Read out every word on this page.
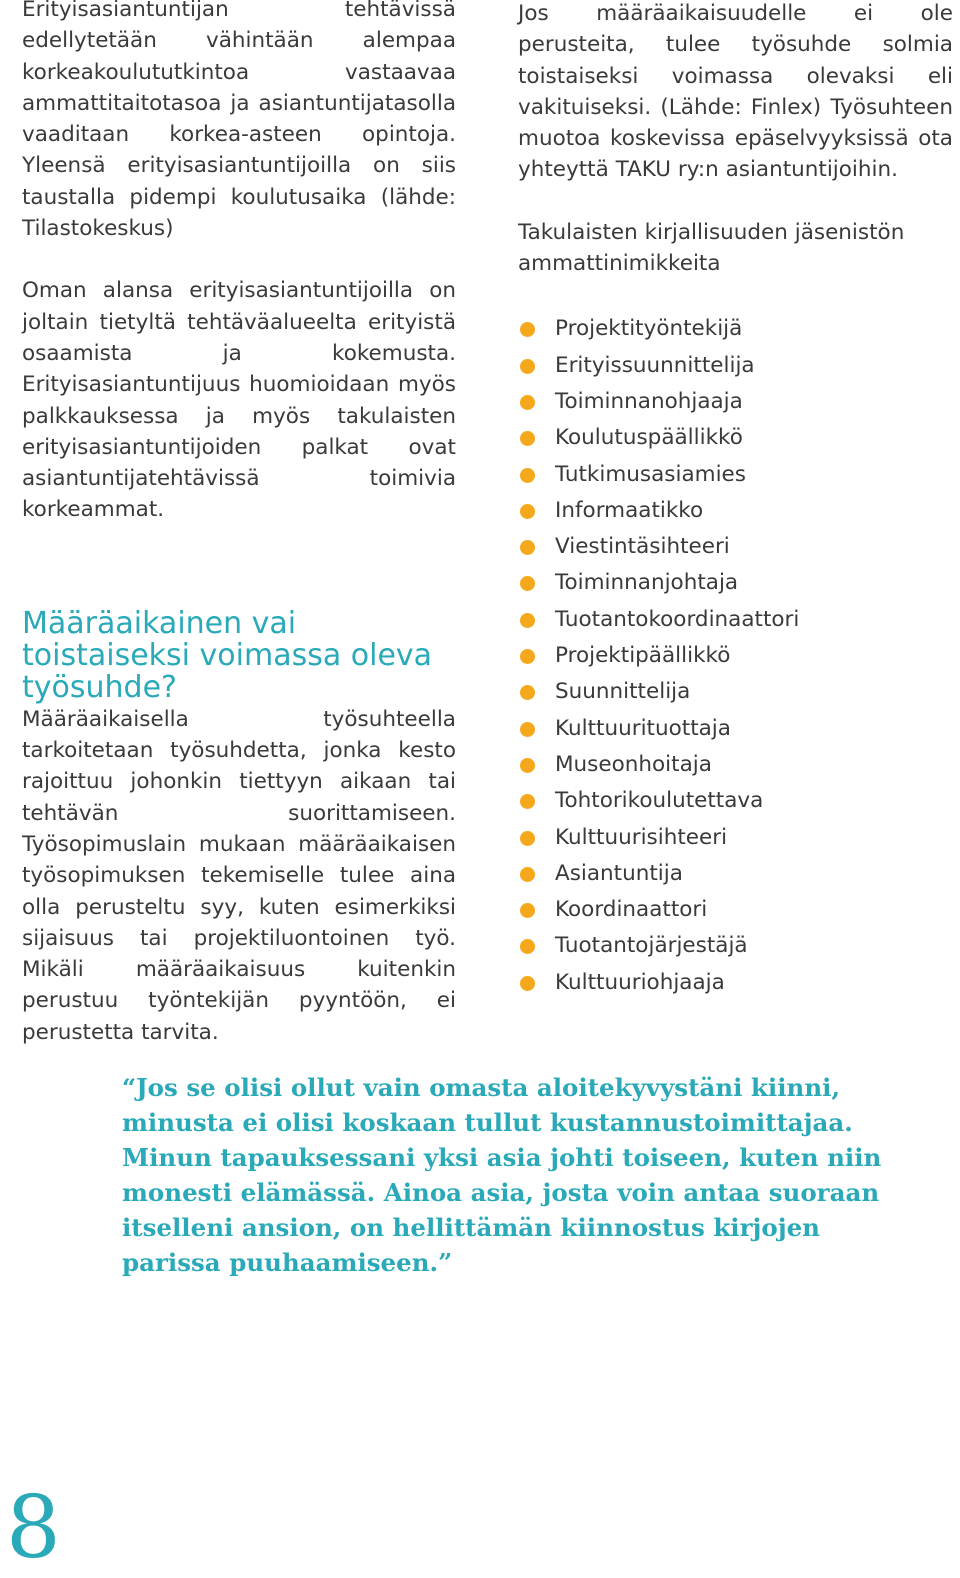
Erityisasiantuntijan tehtävissä edellytetään vähintään alempaa korkeakoulututkintoa vastaavaa ammattitaitotasoa ja asiantuntijatasolla vaaditaan korkea-asteen opintoja. Yleensä erityisasiantuntijoilla on siis taustalla pidempi koulutusaika (lähde: Tilastokeskus)

Oman alansa erityisasiantuntijoilla on joltain tietyltä tehtäväalueelta erityistä osaamista ja kokemusta. Erityisasiantuntijuus huomioidaan myös palkkauksessa ja myös takulaisten erityisasiantuntijoiden palkat ovat asiantuntijatehtävissä toimivia korkeammat.

Määräaikainen vai toistaiseksi voimassa oleva työsuhde?

Määräaikaisella työsuhteella tarkoitetaan työsuhdetta, jonka kesto rajoittuu johonkin tiettyyn aikaan tai tehtävän suorittamiseen. Työsopimuslain mukaan määräaikaisen työsopimuksen tekemiselle tulee aina olla perusteltu syy, kuten esimerkiksi sijaisuus tai projektiluontoinen työ. Mikäli määräaikaisuus kuitenkin perustuu työntekijän pyyntöön, ei perustetta tarvita.

Jos määräaikaisuudelle ei ole perusteita, tulee työsuhde solmia toistaiseksi voimassa olevaksi eli vakituiseksi. (Lähde: Finlex) Työsuhteen muotoa koskevissa epäselvyyksissä ota yhteyttä TAKU ry:n asiantuntijoihin.

Takulaisten kirjallisuuden jäsenistön ammattinimikkeita

Projektityöntekijä
Erityissuunnittelija
Toiminnanohjaaja
Koulutuspäällikkö
Tutkimusasiamies
Informaatikko
Viestintäsihteeri
Toiminnanjohtaja
Tuotantokoordinaattori
Projektipäällikkö
Suunnittelija
Kulttuurituottaja
Museonhoitaja
Tohtorikoulutettava
Kulttuurisihteeri
Asiantuntija
Koordinaattori
Tuotantojärjestäjä
Kulttuuriohjaaja
“Jos se olisi ollut vain omasta aloitekyvystäni kiinni,
minusta ei olisi koskaan tullut kustannustoimittajaa.
Minun tapauksessani yksi asia johti toiseen, kuten niin
monesti elämässä. Ainoa asia, josta voin antaa suoraan
itselleni ansion, on hellittämän kiinnostus kirjojen
parissa puuhaamiseen.”
8
